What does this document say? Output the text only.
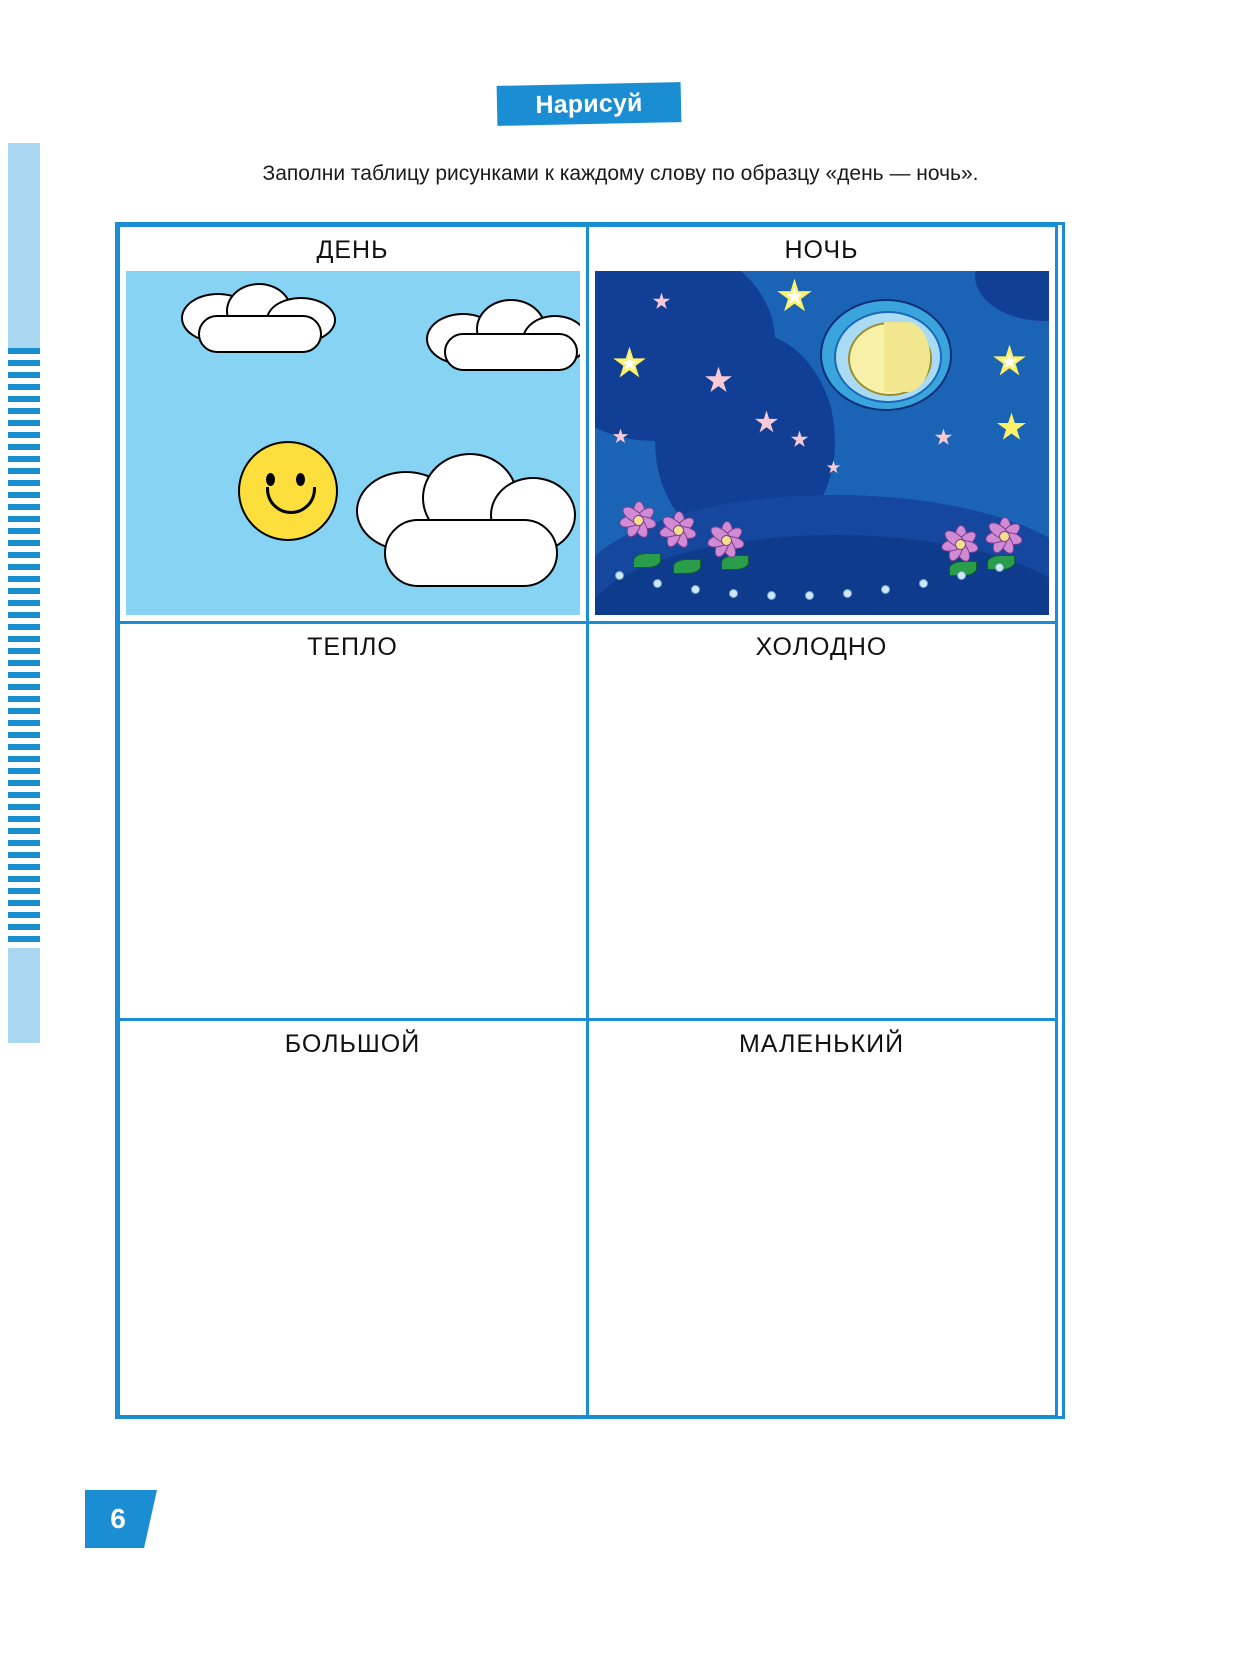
Нарисуй
Заполни таблицу рисунками к каждому слову по образцу «день — ночь».
ДЕНЬ	НОЧЬ
ТЕПЛО	ХОЛОДНО
БОЛЬШОЙ	МАЛЕНЬКИЙ
6
